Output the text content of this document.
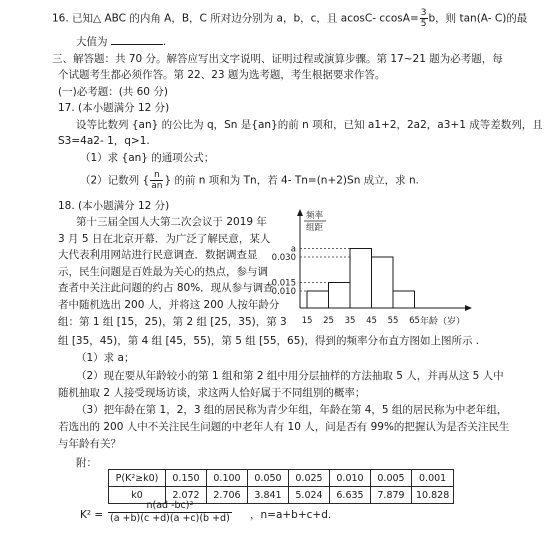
16. 已知△ ABC 的内角 A，B，C 所对边分别为 a，b，c，且 acosC- $ccosA= \frac{3}{5}$ b，则 tan(A- C)的最
大值为	.
三、解答题：共 70 分。解答应写出文字说明、证明过程或演算步骤。第 17~21 题为必考题，每
个试题考生都必须作答。第 22、23 题为选考题，考生根据要求作答。
(一)必考题：(共 60 分)
17. (本小题满分 12 分)
设等比数列 {an} 的公比为 q，Sn 是{an}的前 n 项和，已知 a1+2，2a2，a3+1 成等差数列，且
S3=4a2- 1，q>1.
（1）求 {an} 的通项公式；
（2）记数列 { $\frac{n}{an}$ } 的前 n 项和为 Tn，若 4- Tn=(n+2)Sn 成立，求 n.
18. (本小题满分 12 分)
第十三届全国人大第二次会议于 2019 年
3 月 5 日在北京开幕．为广泛了解民意，某人
大代表利用网站进行民意调查．数据调查显
示，民生问题是百姓最为关心的热点，参与调
查者中关注此问题的约占 80%．现从参与调查
者中随机选出 200 人，并将这 200 人按年龄分
组：第 1 组 [15，25)，第 2 组 [25，35)，第 3
组 [35，45)，第 4 组 [45，55)，第 5 组 [55，65)，得到的频率分布直方图如上图所示 .
（1）求 a；
（2）现在要从年龄较小的第 1 组和第 2 组中用分层抽样的方法抽取 5 人，并再从这 5 人中
随机抽取 2 人接受现场访谈，求这两人恰好属于不同组别的概率；
（3）把年龄在第 1，2，3 组的居民称为青少年组，年龄在第 4，5 组的居民称为中老年组，
若选出的 200 人中不关注民生问题的中老年人有 10 人，问是否有 99%的把握认为是否关注民生
与年龄有关？
附：
频率
组距
年龄（岁）
a
0.030
0.015
0.010
15 25 35 45 55 65
P(K²≥k0)	0.150	0.100	0.050	0.025	0.010	0.005	0.001
k0	2.072	2.706	3.841	5.024	6.635	7.879	10.828
$K^2 = \frac{\text{n(ad -bc)²}}{(a +b)(c +d)(a +c)(b +d)}$ ，n=a+b+c+d.
